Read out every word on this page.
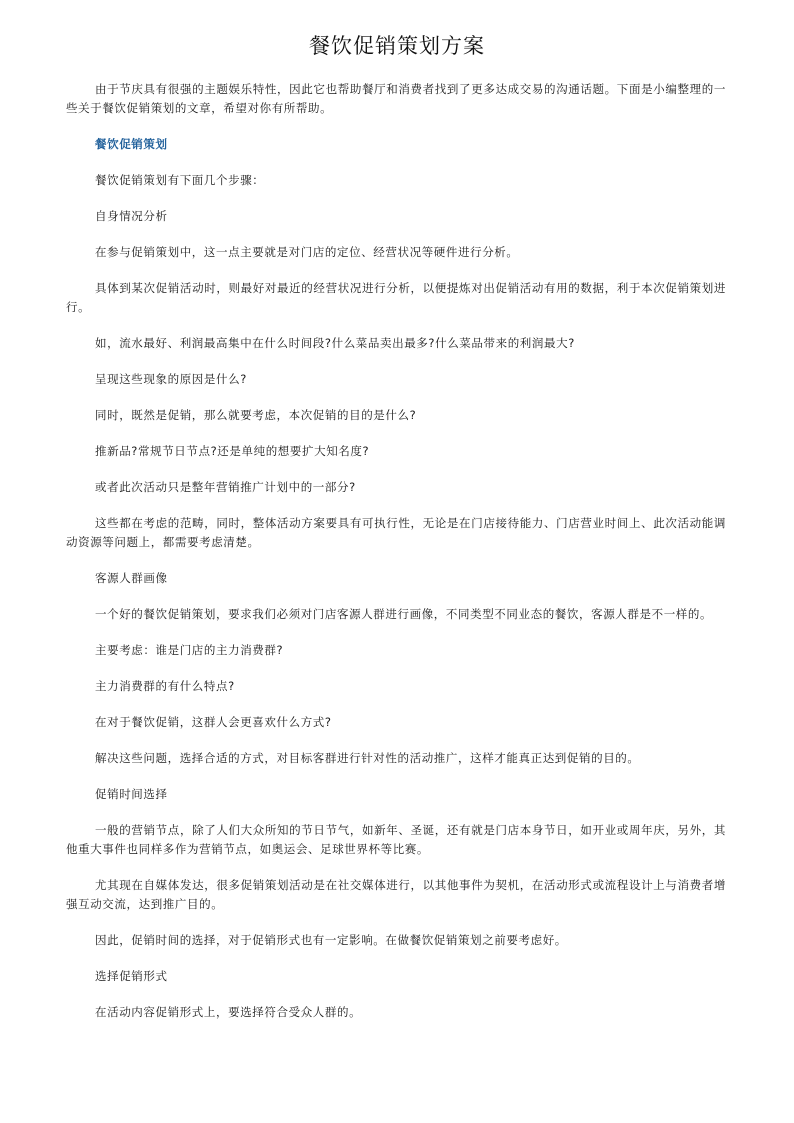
餐饮促销策划方案

由于节庆具有很强的主题娱乐特性，因此它也帮助餐厅和消费者找到了更多达成交易的沟通话题。下面是小编整理的一些关于餐饮促销策划的文章，希望对你有所帮助。

餐饮促销策划

餐饮促销策划有下面几个步骤：

自身情况分析

在参与促销策划中，这一点主要就是对门店的定位、经营状况等硬件进行分析。

具体到某次促销活动时，则最好对最近的经营状况进行分析，以便提炼对出促销活动有用的数据，利于本次促销策划进行。

如，流水最好、利润最高集中在什么时间段?什么菜品卖出最多?什么菜品带来的利润最大?

呈现这些现象的原因是什么?

同时，既然是促销，那么就要考虑，本次促销的目的是什么?

推新品?常规节日节点?还是单纯的想要扩大知名度?

或者此次活动只是整年营销推广计划中的一部分?

这些都在考虑的范畴，同时，整体活动方案要具有可执行性，无论是在门店接待能力、门店营业时间上、此次活动能调动资源等问题上，都需要考虑清楚。

客源人群画像

一个好的餐饮促销策划，要求我们必须对门店客源人群进行画像，不同类型不同业态的餐饮，客源人群是不一样的。

主要考虑：谁是门店的主力消费群?

主力消费群的有什么特点?

在对于餐饮促销，这群人会更喜欢什么方式?

解决这些问题，选择合适的方式，对目标客群进行针对性的活动推广，这样才能真正达到促销的目的。

促销时间选择

一般的营销节点，除了人们大众所知的节日节气，如新年、圣诞，还有就是门店本身节日，如开业或周年庆，另外，其他重大事件也同样多作为营销节点，如奥运会、足球世界杯等比赛。

尤其现在自媒体发达，很多促销策划活动是在社交媒体进行，以其他事件为契机，在活动形式或流程设计上与消费者增强互动交流，达到推广目的。

因此，促销时间的选择，对于促销形式也有一定影响。在做餐饮促销策划之前要考虑好。

选择促销形式

在活动内容促销形式上，要选择符合受众人群的。
